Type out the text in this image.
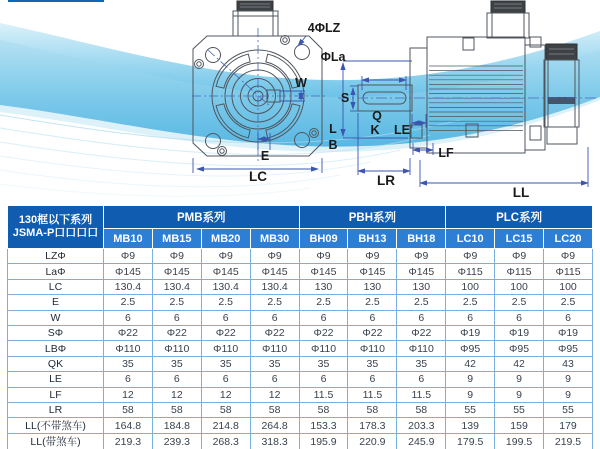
4ΦLZ
ΦLa
W
E
LC
S
Q
K LE
L
B
LF
LR
LL
130框以下系列
JSMA-P口口口口	PMB系列				PBH系列			PLC系列		
	MB10	MB15	MB20	MB30	BH09	BH13	BH18	LC10	LC15	LC20
LZΦ	Φ9	Φ9	Φ9	Φ9	Φ9	Φ9	Φ9	Φ9	Φ9	Φ9
LaΦ	Φ145	Φ145	Φ145	Φ145	Φ145	Φ145	Φ145	Φ115	Φ115	Φ115
LC	130.4	130.4	130.4	130.4	130	130	130	100	100	100
E	2.5	2.5	2.5	2.5	2.5	2.5	2.5	2.5	2.5	2.5
W	6	6	6	6	6	6	6	6	6	6
SΦ	Φ22	Φ22	Φ22	Φ22	Φ22	Φ22	Φ22	Φ19	Φ19	Φ19
LBΦ	Φ110	Φ110	Φ110	Φ110	Φ110	Φ110	Φ110	Φ95	Φ95	Φ95
QK	35	35	35	35	35	35	35	42	42	43
LE	6	6	6	6	6	6	6	9	9	9
LF	12	12	12	12	11.5	11.5	11.5	9	9	9
LR	58	58	58	58	58	58	58	55	55	55
LL(不带煞车)	164.8	184.8	214.8	264.8	153.3	178.3	203.3	139	159	179
LL(带煞车)	219.3	239.3	268.3	318.3	195.9	220.9	245.9	179.5	199.5	219.5
